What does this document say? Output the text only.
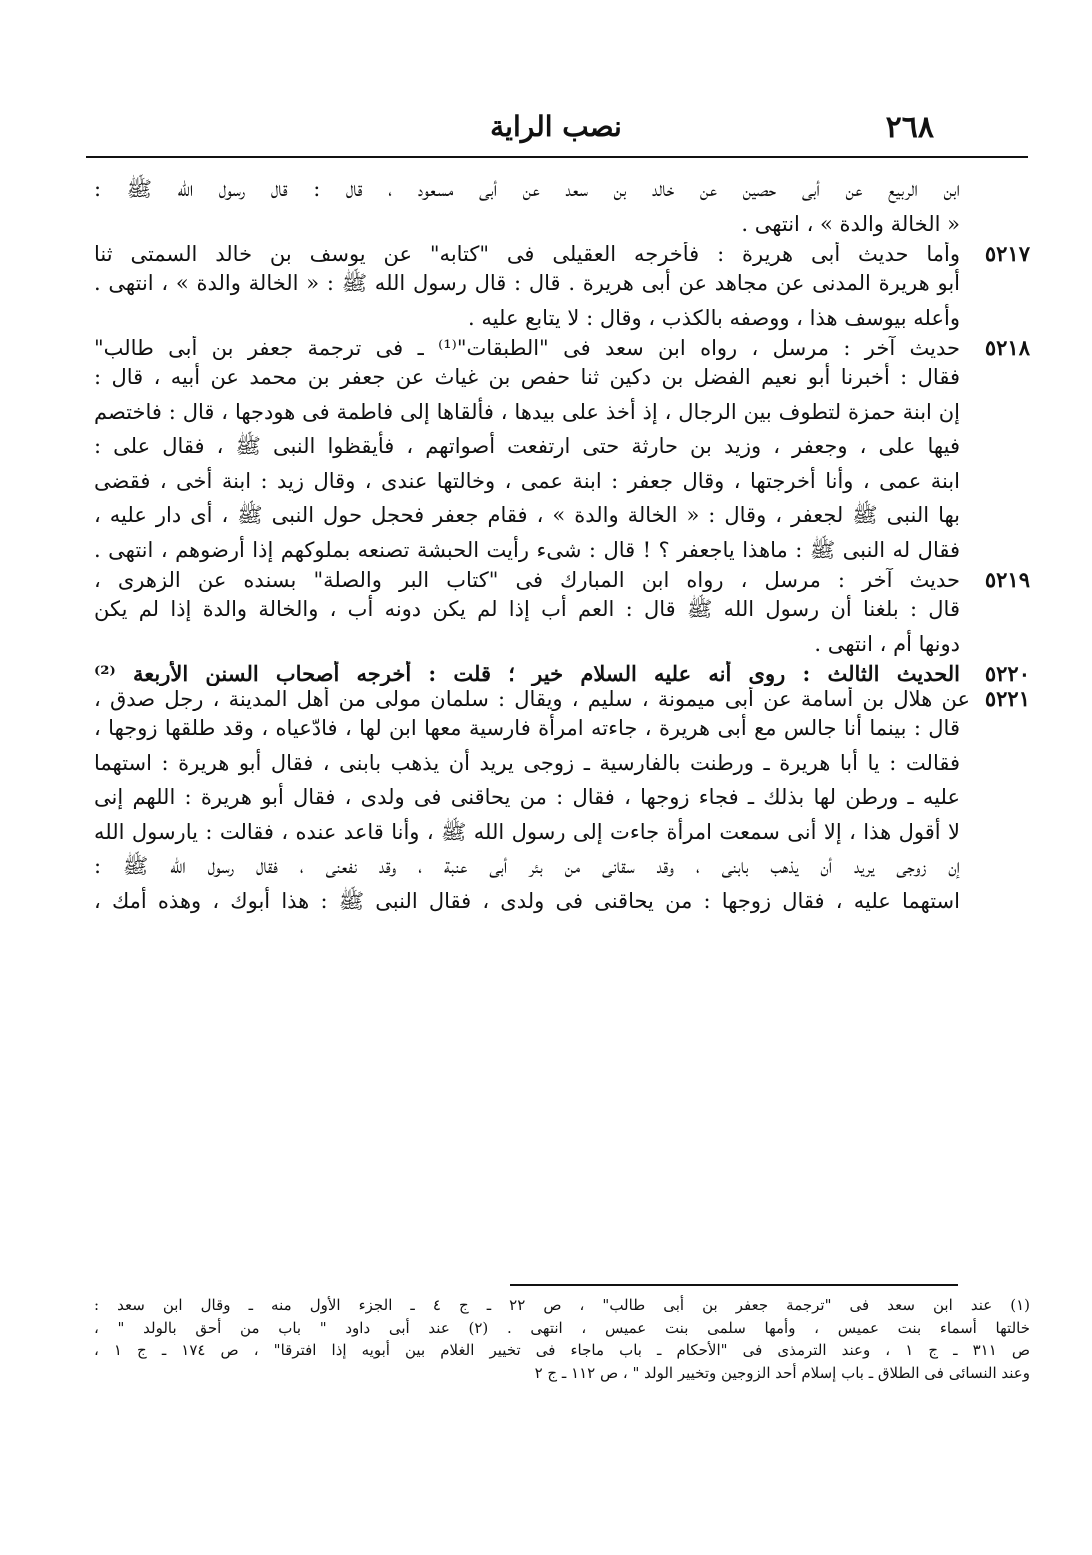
٢٦٨
نصب الراية
ابن الربيع عن أبى حصين عن خالد بن سعد عن أبى مسعود ، قال : قال رسول الله ﷺ :
« الخالة والدة » ، انتهى .
٥٢١٧
وأما حديث أبى هريرة : فأخرجه العقيلى فى "كتابه" عن يوسف بن خالد السمتى ثنا
أبو هريرة المدنى عن مجاهد عن أبى هريرة . قال : قال رسول الله ﷺ : « الخالة والدة » ، انتهى .
وأعله بيوسف هذا ، ووصفه بالكذب ، وقال : لا يتابع عليه .
٥٢١٨
حديث آخر : مرسل ، رواه ابن سعد فى "الطبقات"⁽¹⁾ ـ فى ترجمة جعفر بن أبى طالب"
فقال : أخبرنا أبو نعيم الفضل بن دكين ثنا حفص بن غياث عن جعفر بن محمد عن أبيه ، قال :
إن ابنة حمزة لتطوف بين الرجال ، إذ أخذ على بيدها ، فألقاها إلى فاطمة فى هودجها ، قال : فاختصم
فيها على ، وجعفر ، وزيد بن حارثة حتى ارتفعت أصواتهم ، فأيقظوا النبى ﷺ ، فقال على :
ابنة عمى ، وأنا أخرجتها ، وقال جعفر : ابنة عمى ، وخالتها عندى ، وقال زيد : ابنة أخى ، فقضى
بها النبى ﷺ لجعفر ، وقال : « الخالة والدة » ، فقام جعفر فحجل حول النبى ﷺ ، أى دار عليه ،
فقال له النبى ﷺ : ماهذا ياجعفر ؟ ! قال : شىء رأيت الحبشة تصنعه بملوكهم إذا أرضوهم ، انتهى .
٥٢١٩
حديث آخر : مرسل ، رواه ابن المبارك فى "كتاب البر والصلة" بسنده عن الزهرى ،
قال : بلغنا أن رسول الله ﷺ قال : العم أب إذا لم يكن دونه أب ، والخالة والدة إذا لم يكن
دونها أم ، انتهى .
٥٢٢٠
الحديث الثالث : روى أنه عليه السلام خير ؛ قلت : أخرجه أصحاب السنن الأربعة ⁽²⁾
٥٢٢١
عن هلال بن أسامة عن أبى ميمونة ، سليم ، ويقال : سلمان مولى من أهل المدينة ، رجل صدق ،
قال : بينما أنا جالس مع أبى هريرة ، جاءته امرأة فارسية معها ابن لها ، فادّعياه ، وقد طلقها زوجها ،
فقالت : يا أبا هريرة ـ ورطنت بالفارسية ـ زوجى يريد أن يذهب بابنى ، فقال أبو هريرة : استهما
عليه ـ ورطن لها بذلك ـ فجاء زوجها ، فقال : من يحاقنى فى ولدى ، فقال أبو هريرة : اللهم إنى
لا أقول هذا ، إلا أنى سمعت امرأة جاءت إلى رسول الله ﷺ ، وأنا قاعد عنده ، فقالت : يارسول الله
إن زوجى يريد أن يذهب بابنى ، وقد سقانى من بئر أبى عنبة ، وقد نفعنى ، فقال رسول الله ﷺ :
استهما عليه ، فقال زوجها : من يحاقنى فى ولدى ، فقال النبى ﷺ : هذا أبوك ، وهذه أمك ،
(١) عند ابن سعد فى "ترجمة جعفر بن أبى طالب" ، ص ٢٢ ـ ج ٤ ـ الجزء الأول منه ـ وقال ابن سعد :
خالتها أسماء بنت عميس ، وأمها سلمى بنت عميس ، انتهى . (٢) عند أبى داود " باب من أحق بالولد " ،
ص ٣١١ ـ ج ١ ، وعند الترمذى فى "الأحكام ـ باب ماجاء فى تخيير الغلام بين أبويه إذا افترقا" ، ص ١٧٤ ـ ج ١ ،
وعند النسائى فى الطلاق ـ باب إسلام أحد الزوجين وتخيير الولد " ، ص ١١٢ ـ ج ٢
